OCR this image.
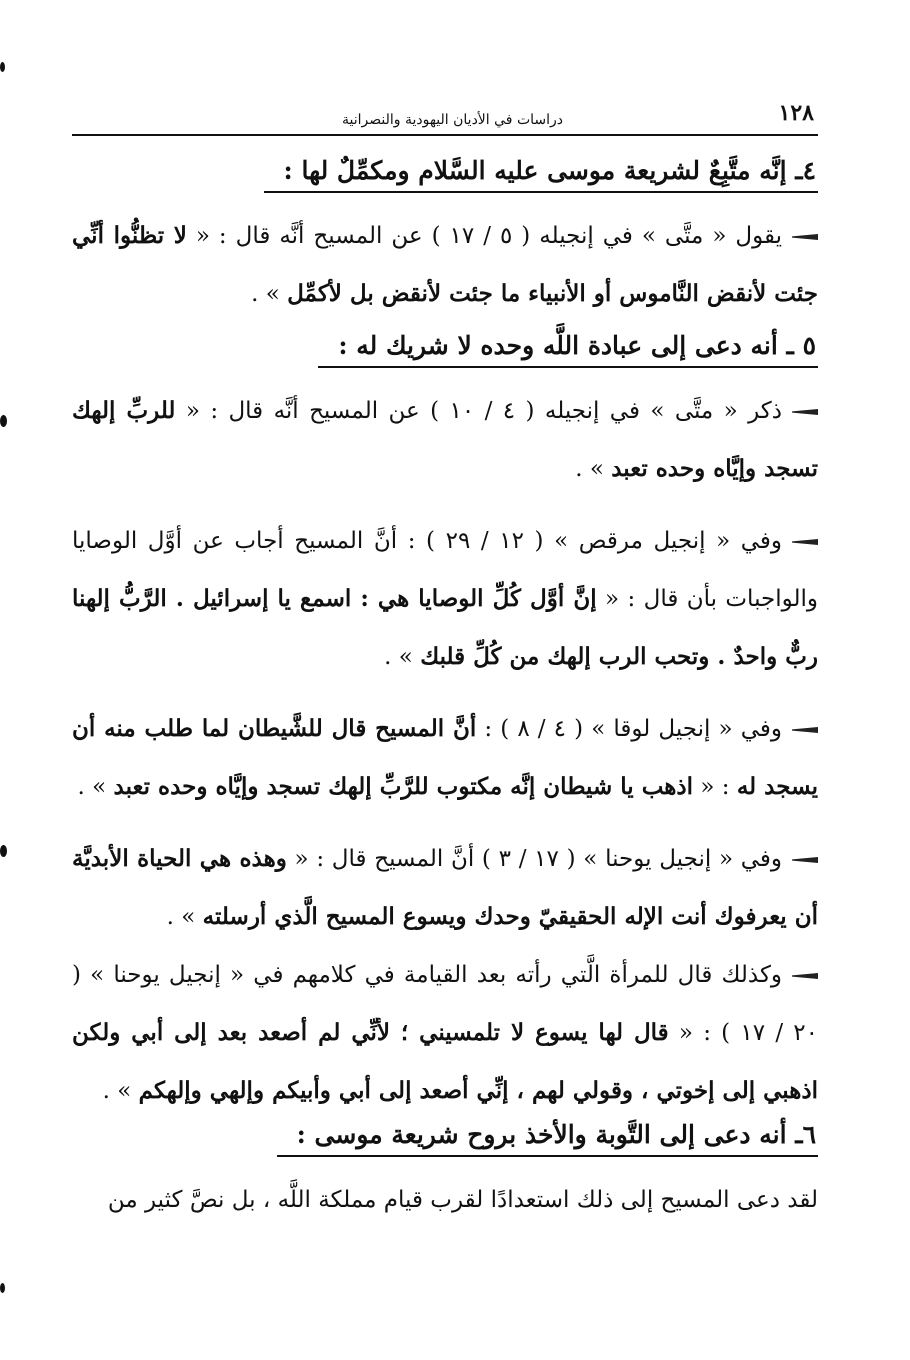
١٢٨
دراسات في الأديان اليهودية والنصرانية
٤ـ إنَّه متَّبِعٌ لشريعة موسى عليه السَّلام ومكمِّلٌ لها :

يقول « متَّى » في إنجيله ( ٥ / ١٧ ) عن المسيح أنَّه قال : « لا تظنُّوا أنِّي جئت لأنقض النَّاموس أو الأنبياء ما جئت لأنقض بل لأكمِّل » .

٥ ـ أنه دعى إلى عبادة اللَّه وحده لا شريك له :

ذكر « متَّى » في إنجيله ( ٤ / ١٠ ) عن المسيح أنَّه قال : « للربِّ إلهك تسجد وإيَّاه وحده تعبد » .

وفي « إنجيل مرقص » ( ١٢ / ٢٩ ) : أنَّ المسيح أجاب عن أوَّل الوصايا والواجبات بأن قال : « إنَّ أوَّل كُلِّ الوصايا هي : اسمع يا إسرائيل . الرَّبُّ إلهنا ربٌّ واحدٌ . وتحب الرب إلهك من كُلِّ قلبك » .

وفي « إنجيل لوقا » ( ٤ / ٨ ) : أنَّ المسيح قال للشَّيطان لما طلب منه أن يسجد له : « اذهب يا شيطان إنَّه مكتوب للرَّبِّ إلهك تسجد وإيَّاه وحده تعبد » .

وفي « إنجيل يوحنا » ( ١٧ / ٣ ) أنَّ المسيح قال : « وهذه هي الحياة الأبديَّة أن يعرفوك أنت الإله الحقيقيّ وحدك ويسوع المسيح الَّذي أرسلته » .

وكذلك قال للمرأة الَّتي رأته بعد القيامة في كلامهم في « إنجيل يوحنا » ( ٢٠ / ١٧ ) : « قال لها يسوع لا تلمسيني ؛ لأنِّي لم أصعد بعد إلى أبي ولكن اذهبي إلى إخوتي ، وقولي لهم ، إنِّي أصعد إلى أبي وأبيكم وإلهي وإلهكم » .

٦ـ أنه دعى إلى التَّوبة والأخذ بروح شريعة موسى :

لقد دعى المسيح إلى ذلك استعدادًا لقرب قيام مملكة اللَّه ، بل نصَّ كثير من
